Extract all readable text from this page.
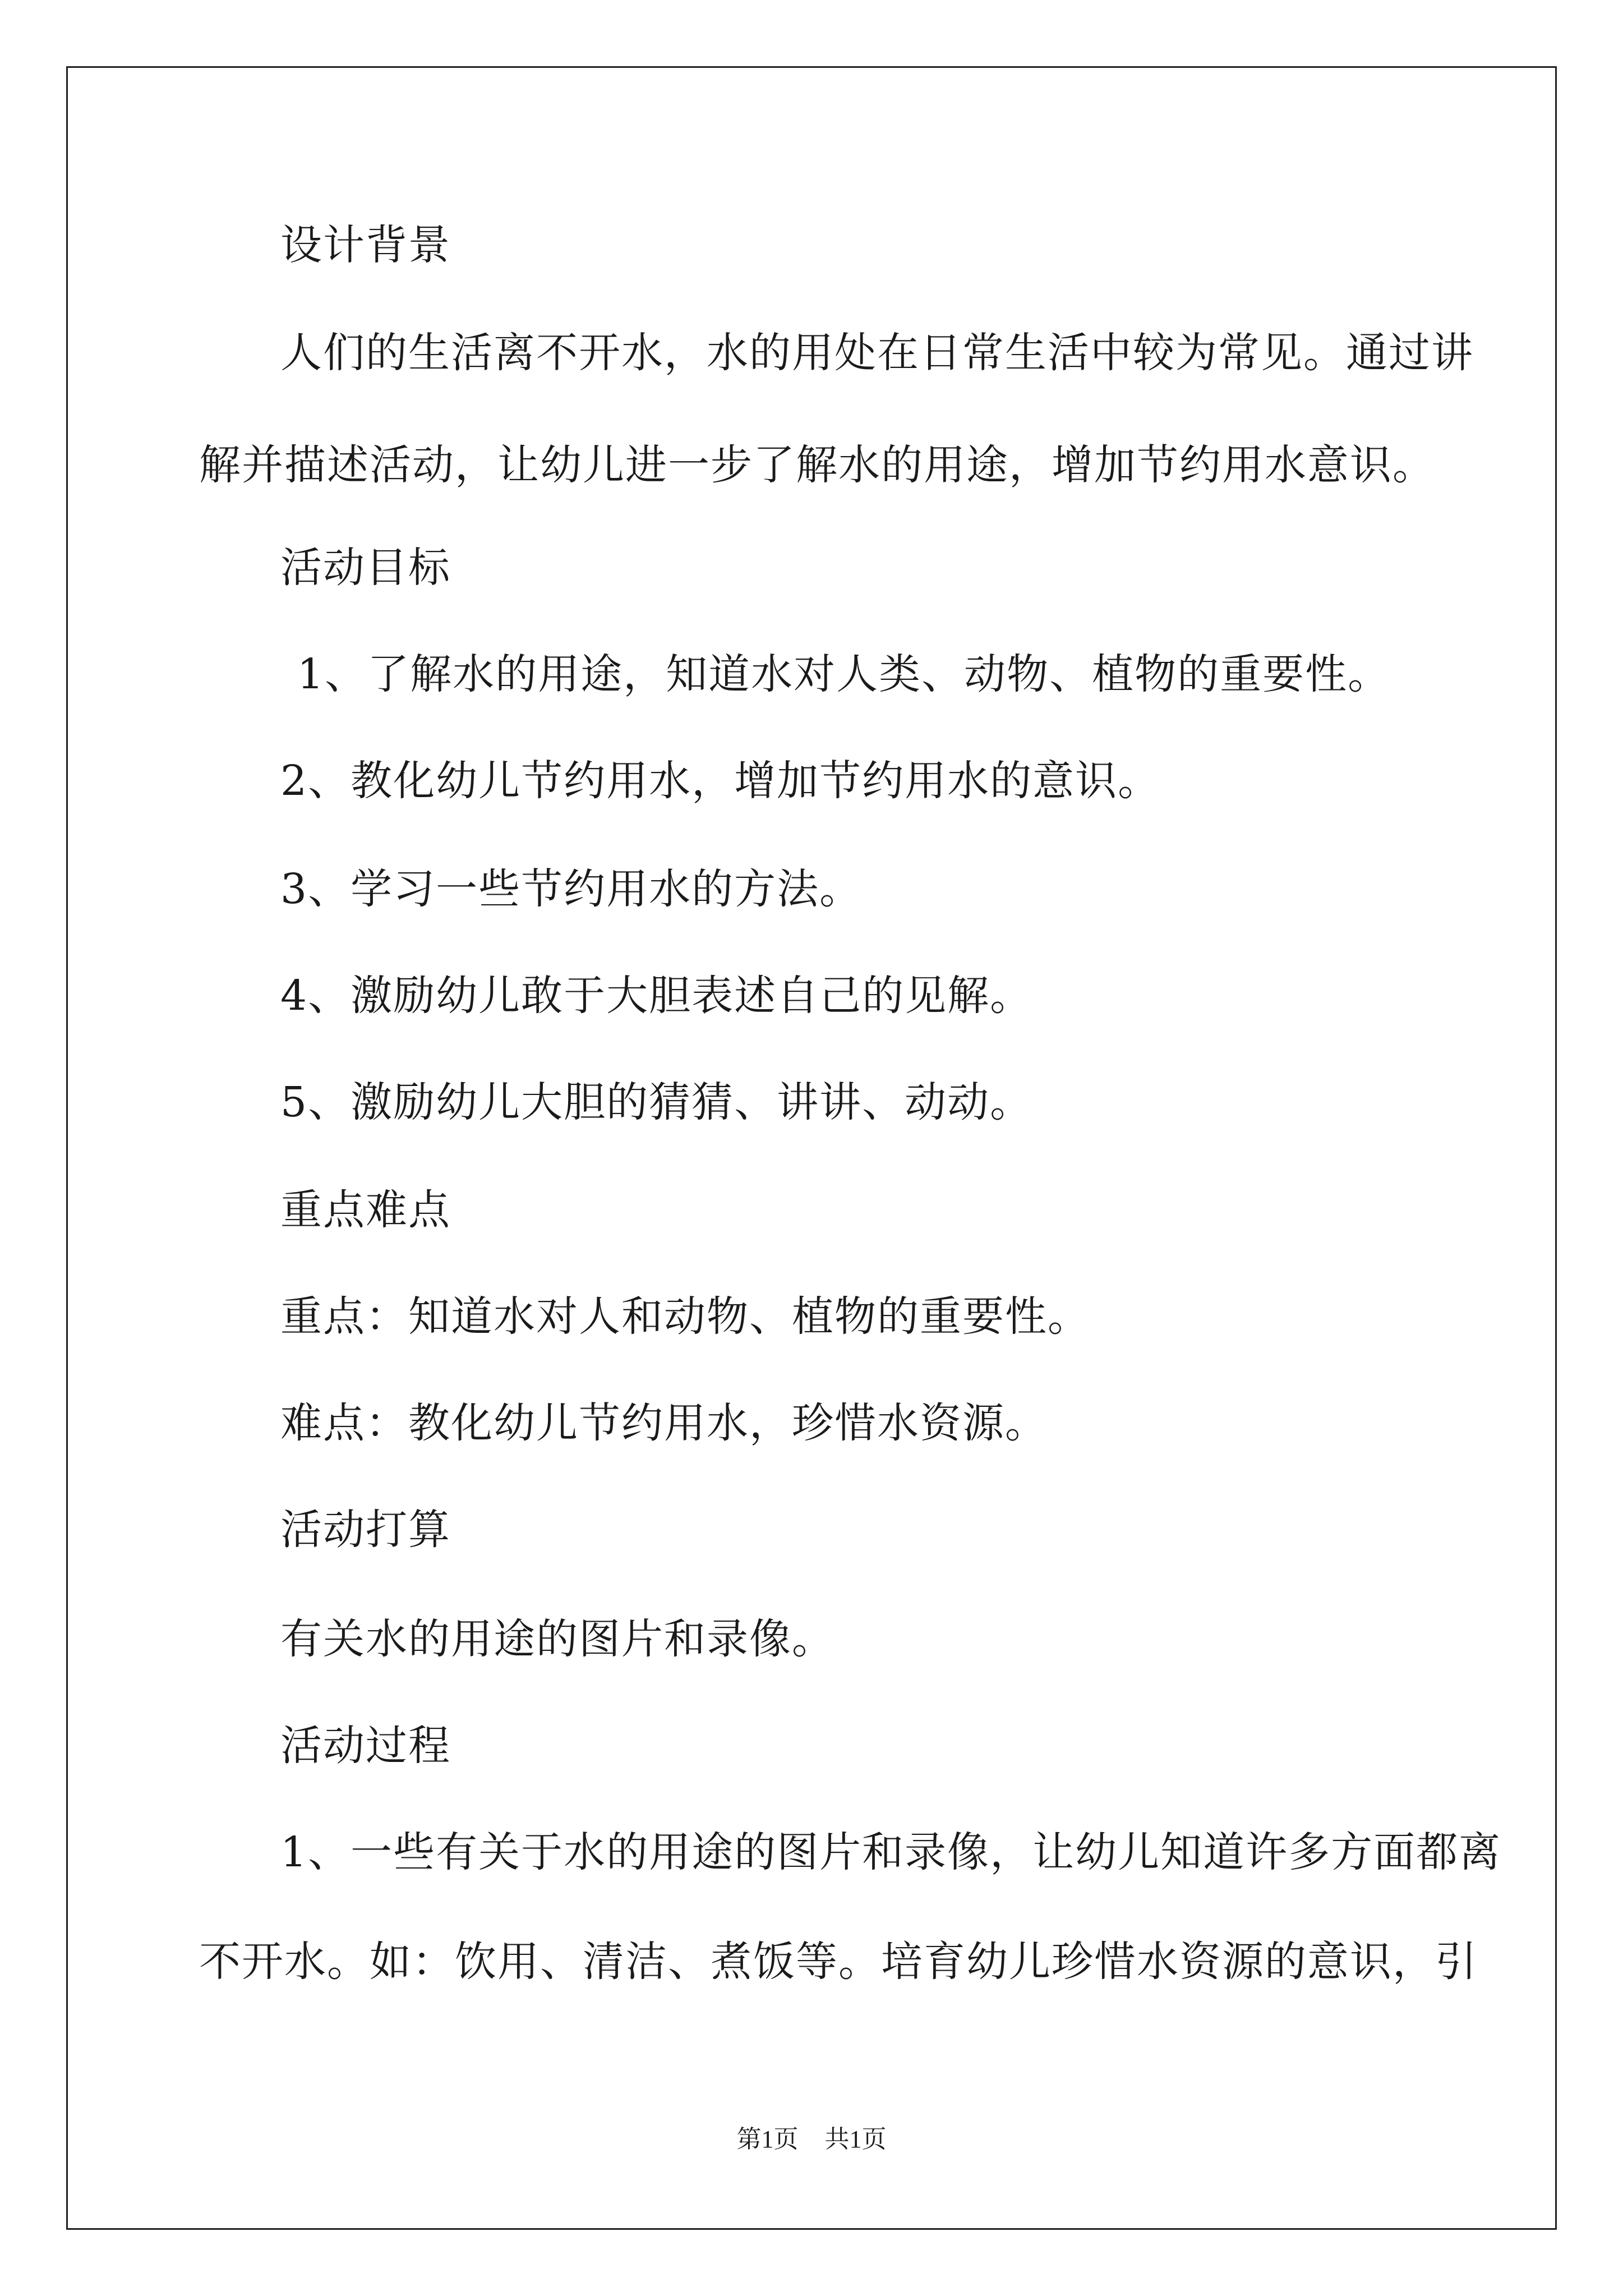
设计背景
人们的生活离不开水，水的用处在日常生活中较为常见。通过讲
解并描述活动，让幼儿进一步了解水的用途，增加节约用水意识。
活动目标
1、了解水的用途，知道水对人类、动物、植物的重要性。
2、教化幼儿节约用水，增加节约用水的意识。
3、学习一些节约用水的方法。
4、激励幼儿敢于大胆表述自己的见解。
5、激励幼儿大胆的猜猜、讲讲、动动。
重点难点
重点：知道水对人和动物、植物的重要性。
难点：教化幼儿节约用水，珍惜水资源。
活动打算
有关水的用途的图片和录像。
活动过程
1、一些有关于水的用途的图片和录像，让幼儿知道许多方面都离
不开水。如：饮用、清洁、煮饭等。培育幼儿珍惜水资源的意识，引
第1页 共1页
